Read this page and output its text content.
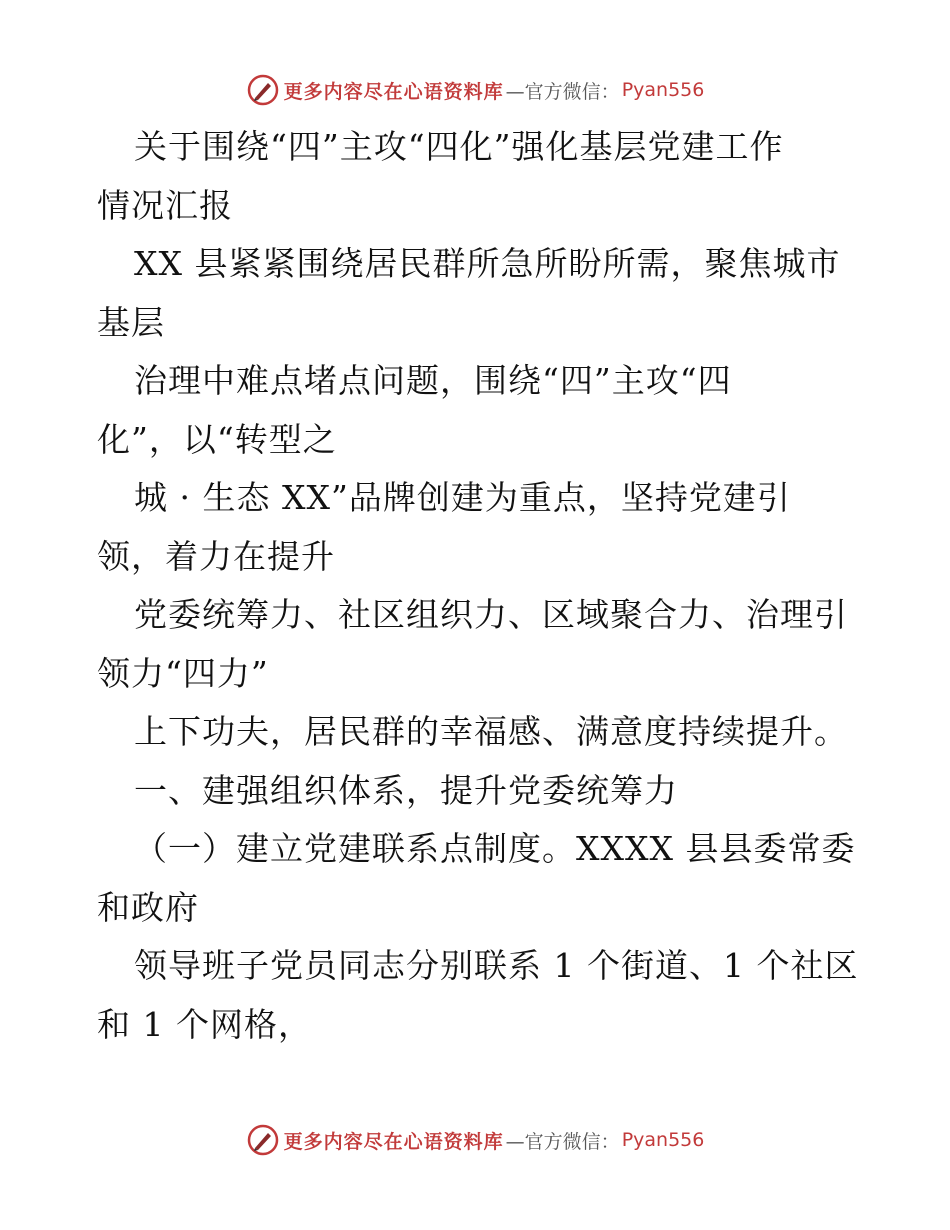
更多内容尽在心语资料库 —官方微信： Pyan556
关于围绕“四”主攻“四化”强化基层党建工作
情况汇报
XX 县紧紧围绕居民群所急所盼所需，聚焦城市
基层
治理中难点堵点问题，围绕“四”主攻“四
化”，以“转型之
城 · 生态 XX”品牌创建为重点，坚持党建引
领，着力在提升
党委统筹力、社区组织力、区域聚合力、治理引
领力“四力”
上下功夫，居民群的幸福感、满意度持续提升。
一、建强组织体系，提升党委统筹力
（一）建立党建联系点制度。XXXX 县县委常委
和政府
领导班子党员同志分别联系 1 个街道、1 个社区
和 1 个网格，
更多内容尽在心语资料库 —官方微信： Pyan556
